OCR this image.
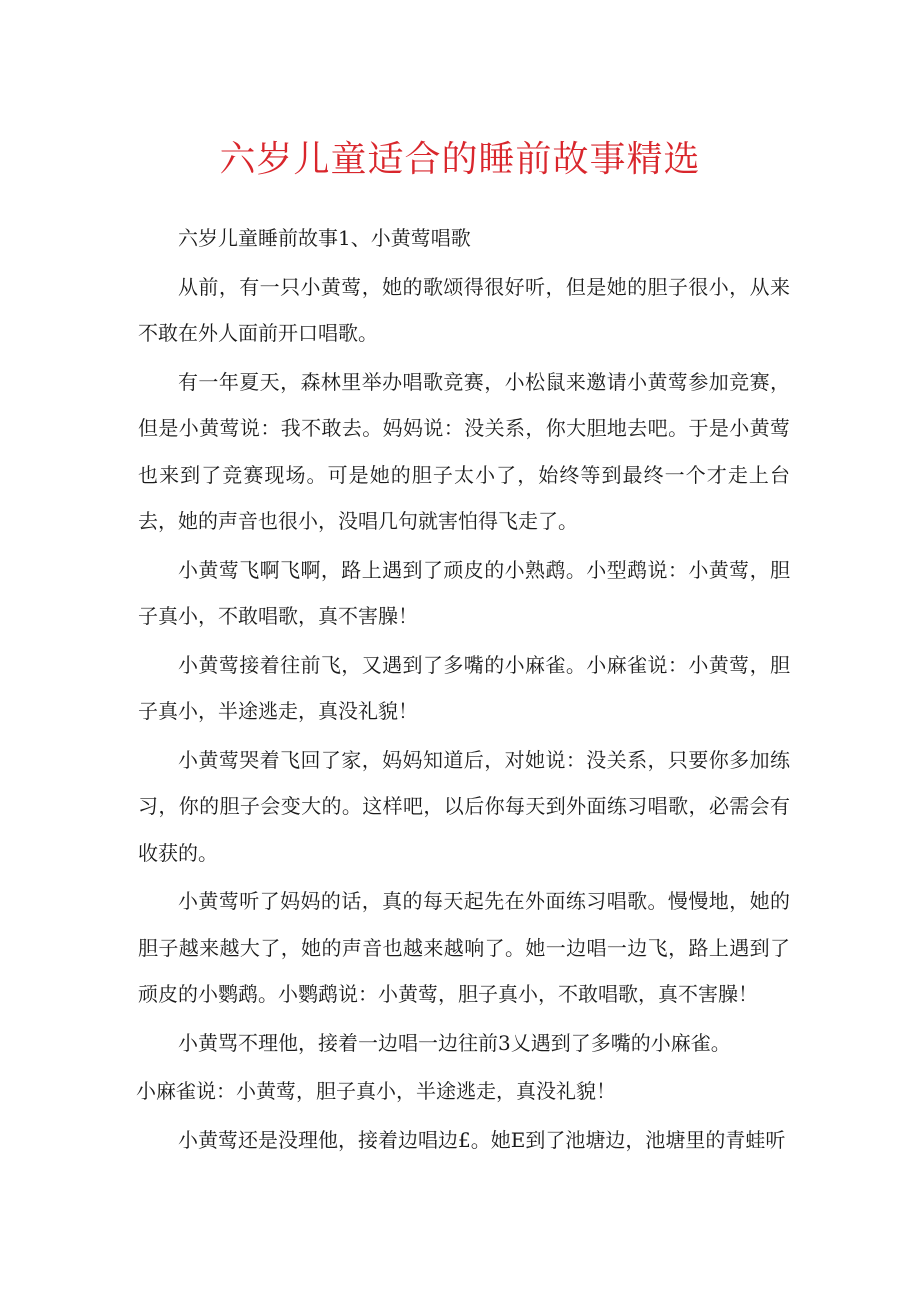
六岁儿童适合的睡前故事精选

六岁儿童睡前故事1、小黄莺唱歌

从前，有一只小黄莺，她的歌颂得很好听，但是她的胆子很小，从来不敢在外人面前开口唱歌。

有一年夏天，森林里举办唱歌竞赛，小松鼠来邀请小黄莺参加竞赛，但是小黄莺说：我不敢去。妈妈说：没关系，你大胆地去吧。于是小黄莺也来到了竞赛现场。可是她的胆子太小了，始终等到最终一个才走上台去，她的声音也很小，没唱几句就害怕得飞走了。

小黄莺飞啊飞啊，路上遇到了顽皮的小熟鹉。小型鹉说：小黄莺，胆子真小，不敢唱歌，真不害臊！

小黄莺接着往前飞，又遇到了多嘴的小麻雀。小麻雀说：小黄莺，胆子真小，半途逃走，真没礼貌！

小黄莺哭着飞回了家，妈妈知道后，对她说：没关系，只要你多加练习，你的胆子会变大的。这样吧，以后你每天到外面练习唱歌，必需会有收获的。

小黄莺听了妈妈的话，真的每天起先在外面练习唱歌。慢慢地，她的胆子越来越大了，她的声音也越来越响了。她一边唱一边飞，路上遇到了顽皮的小鹦鹉。小鹦鹉说：小黄莺，胆子真小，不敢唱歌，真不害臊！

小黄骂不理他，接着一边唱一边往前3乂遇到了多嘴的小麻雀。

小麻雀说：小黄莺，胆子真小，半途逃走，真没礼貌！

小黄莺还是没理他，接着边唱边£。她E到了池塘边，池塘里的青蛙听
